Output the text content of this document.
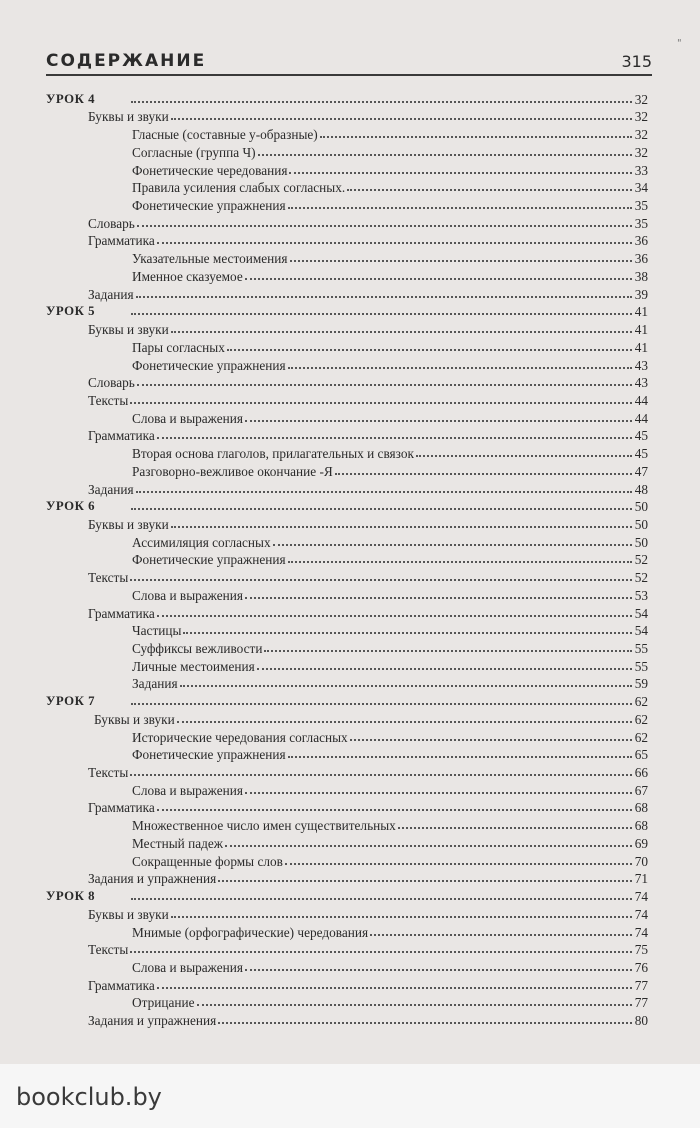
СОДЕРЖАНИЕ	315
"
УРОК 4	32
Буквы и звуки	32
Гласные (составные у-образные)	32
Согласные (группа Ч)	32
Фонетические чередования	33
Правила усиления слабых согласных.	34
Фонетические упражнения	35
Словарь	35
Грамматика	36
Указательные местоимения	36
Именное сказуемое	38
Задания	39
УРОК 5	41
Буквы и звуки	41
Пары согласных	41
Фонетические упражнения	43
Словарь	43
Тексты	44
Слова и выражения	44
Грамматика	45
Вторая основа глаголов, прилагательных и связок	45
Разговорно-вежливое окончание -Я	47
Задания	48
УРОК 6	50
Буквы и звуки	50
Ассимиляция согласных	50
Фонетические упражнения	52
Тексты	52
Слова и выражения	53
Грамматика	54
Частицы	54
Суффиксы вежливости	55
Личные местоимения	55
Задания	59
УРОК 7	62
Буквы и звуки	62
Исторические чередования согласных	62
Фонетические упражнения	65
Тексты	66
Слова и выражения	67
Грамматика	68
Множественное число имен существительных	68
Местный падеж	69
Сокращенные формы слов	70
Задания и упражнения	71
УРОК 8	74
Буквы и звуки	74
Мнимые (орфографические) чередования	74
Тексты	75
Слова и выражения	76
Грамматика	77
Отрицание	77
Задания и упражнения	80
bookclub.by
